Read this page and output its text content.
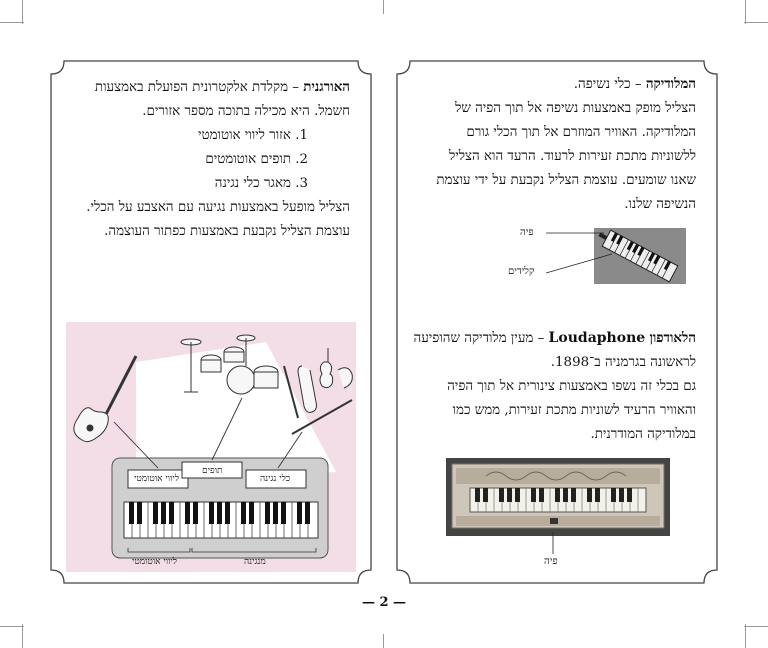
המלודיקה – כלי נשיפה.

הצליל מופק באמצעות נשיפה אל תוך הפיה של

המלודיקה. האוויר המוזרם אל תוך הכלי גורם

ללשוניות מתכת זעירות לרעוד. הרעד הוא הצליל

שאנו שומעים. עוצמת הצליל נקבעת על ידי עוצמת

הנשיפה שלנו.

פיה
קלידים

הלאודפון Loudaphone – מעין מלודיקה שהופיעה

לראשונה בגרמניה ב־1898.

גם בכלי זה נשפו באמצעות צינורית אל תוך הפיה

והאוויר הרעיד לשוניות מתכת זעירות, ממש כמו

במלודיקה המודרנית.

פיה

האורגנית – מקלדת אלקטרונית הפועלת באמצעות

חשמל. היא מכילה בתוכה מספר אזורים.

1. אזור ליווי אוטומטי

2. תופים אוטומטים

3. מאגר כלי נגינה

הצליל מופעל באמצעות נגיעה עם האצבע על הכלי.

עוצמת הצליל נקבעת באמצעות כפתור העוצמה.

ליווי אוטומטי
תופים
כלי נגינה
ליווי אוטומטי	מנגינה
— 2 —
